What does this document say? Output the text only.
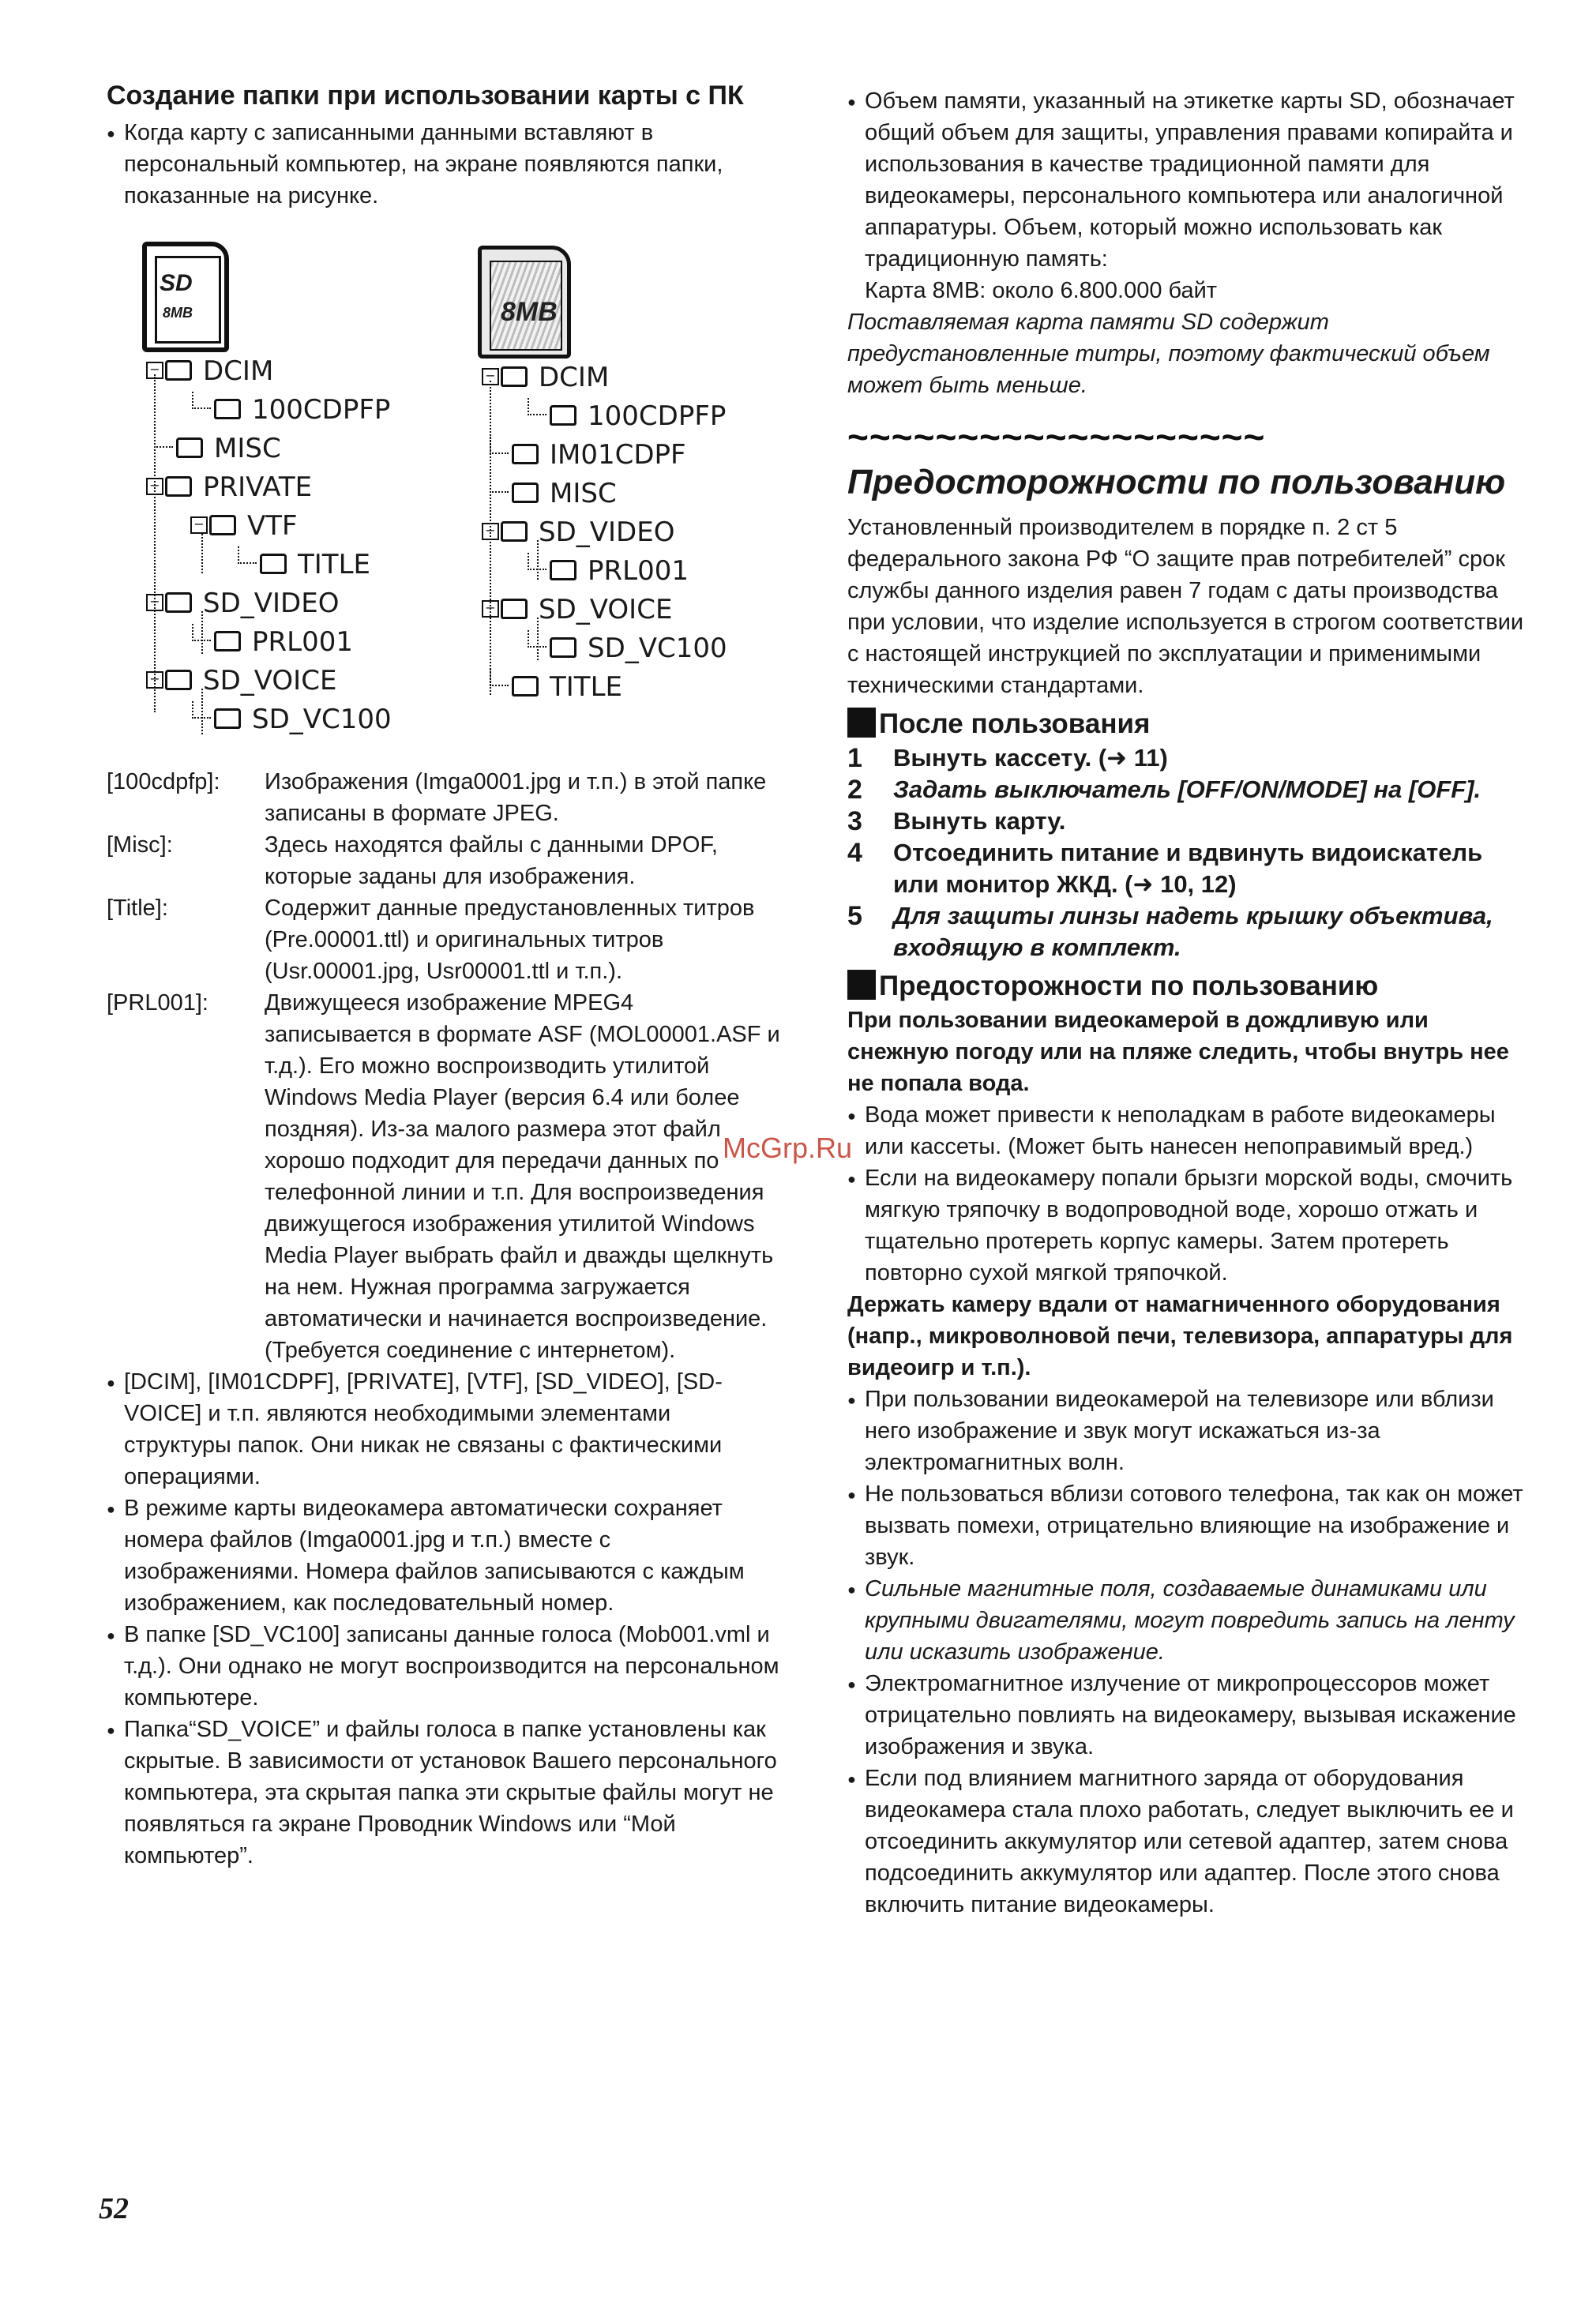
Создание папки при использовании карты с ПК
● Когда карту с записанными данными вставляют в персональный компьютер, на экране появляются папки, показанные на рисунке.
SD
8MB	8MB
− DCIM
100CDPFP
MISC
− PRIVATE
− VTF
TITLE
− SD_VIDEO
PRL001
− SD_VOICE
SD_VC100
− DCIM
100CDPFP
IM01CDPF
MISC
− SD_VIDEO
PRL001
− SD_VOICE
SD_VC100
TITLE
[100cdpfp]:	Изображения (Imga0001.jpg и т.п.) в этой папке записаны в формате JPEG.
[Misc]:	Здесь находятся файлы с данными DPOF, которые заданы для изображения.
[Title]:	Содержит данные предустановленных титров (Pre.00001.ttl) и оригинальных титров (Usr.00001.jpg, Usr00001.ttl и т.п.).
[PRL001]:	Движущееся изображение MPEG4 записывается в формате ASF (MOL00001.ASF и т.д.). Его можно воспроизводить утилитой Windows Media Player (версия 6.4 или более поздняя). Из-за малого размера этот файл хорошо подходит для передачи данных по телефонной линии и т.п. Для воспроизведения движущегося изображения утилитой Windows Media Player выбрать файл и дважды щелкнуть на нем. Нужная программа загружается автоматически и начинается воспроизведение. (Требуется соединение с интернетом).
● [DCIM], [IM01CDPF], [PRIVATE], [VTF], [SD_VIDEO], [SD-VOICE] и т.п. являются необходимыми элементами структуры папок. Они никак не связаны с фактическими операциями.
● В режиме карты видеокамера автоматически сохраняет номера файлов (Imga0001.jpg и т.п.) вместе с изображениями. Номера файлов записываются с каждым изображением, как последовательный номер.
● В папке [SD_VC100] записаны данные голоса (Mob001.vml и т.д.). Они однако не могут воспроизводится на персональном компьютере.
● Папка“SD_VOICE” и файлы голоса в папке установлены как скрытые. В зависимости от установок Вашего персонального компьютера, эта скрытая папка эти скрытые файлы могут не появляться га экране Проводник Windows или “Мой компьютер”.
● Объем памяти, указанный на этикетке карты SD, обозначает общий объем для защиты, управления правами копирайта и использования в качестве традиционной памяти для видеокамеры, персонального компьютера или аналогичной аппаратуры. Объем, который можно использовать как традиционную память:

Карта 8MB: около 6.800.000 байт

Поставляемая карта памяти SD содержит предустановленные титры, поэтому фактический объем может быть меньше.

~~~~~~~~~~~~~~~~~~~
Предосторожности по пользованию

Установленный производителем в порядке п. 2 ст 5 федерального закона РФ “О защите прав потребителей” срок службы данного изделия равен 7 годам с даты производства при условии, что изделие используется в строгом соответствии с настоящей инструкцией по эксплуатации и применимыми техническими стандартами.

После пользования
1	Вынуть кассету. (➜ 11)
2	Задать выключатель [OFF/ON/MODE] на [OFF].
3	Вынуть карту.
4	Отсоединить питание и вдвинуть видоискатель или монитор ЖКД. (➜ 10, 12)
5	Для защиты линзы надеть крышку объектива, входящую в комплект.
Предосторожности по пользованию
При пользовании видеокамерой в дождливую или снежную погоду или на пляже следить, чтобы внутрь нее не попала вода.
● Вода может привести к неполадкам в работе видеокамеры или кассеты. (Может быть нанесен непоправимый вред.)
● Если на видеокамеру попали брызги морской воды, смочить мягкую тряпочку в водопроводной воде, хорошо отжать и тщательно протереть корпус камеры. Затем протереть повторно сухой мягкой тряпочкой.
Держать камеру вдали от намагниченного оборудования (напр., микроволновой печи, телевизора, аппаратуры для видеоигр и т.п.).
● При пользовании видеокамерой на телевизоре или вблизи него изображение и звук могут искажаться из-за электромагнитных волн.
● Не пользоваться вблизи сотового телефона, так как он может вызвать помехи, отрицательно влияющие на изображение и звук.
● Сильные магнитные поля, создаваемые динамиками или крупными двигателями, могут повредить запись на ленту или исказить изображение.
● Электромагнитное излучение от микропроцессоров может отрицательно повлиять на видеокамеру, вызывая искажение изображения и звука.
● Если под влиянием магнитного заряда от оборудования видеокамера стала плохо работать, следует выключить ее и отсоединить аккумулятор или сетевой адаптер, затем снова подсоединить аккумулятор или адаптер. После этого снова включить питание видеокамеры.
McGrp.Ru
52
